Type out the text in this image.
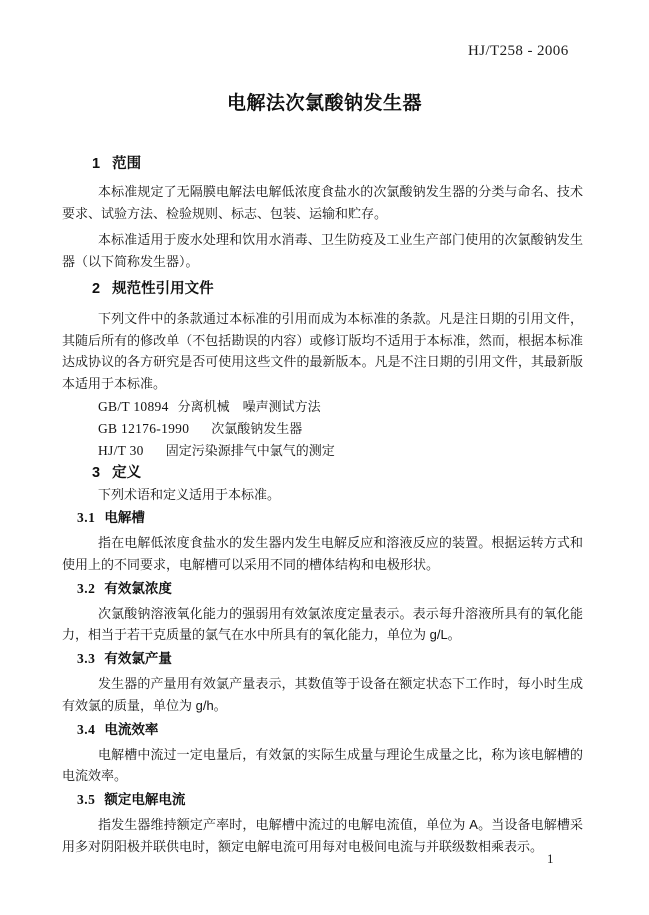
HJ/T258 - 2006
电解法次氯酸钠发生器
1 范围

本标准规定了无隔膜电解法电解低浓度食盐水的次氯酸钠发生器的分类与命名、技术要求、试验方法、检验规则、标志、包装、运输和贮存。

本标准适用于废水处理和饮用水消毒、卫生防疫及工业生产部门使用的次氯酸钠发生器（以下简称发生器）。

2 规范性引用文件

下列文件中的条款通过本标准的引用而成为本标准的条款。凡是注日期的引用文件，其随后所有的修改单（不包括勘误的内容）或修订版均不适用于本标准，然而，根据本标准达成协议的各方研究是否可使用这些文件的最新版本。凡是不注日期的引用文件，其最新版本适用于本标准。

GB/T 10894 分离机械　噪声测试方法
GB 12176-1990　次氯酸钠发生器
HJ/T 30　固定污染源排气中氯气的测定
3 定义

下列术语和定义适用于本标准。

3.1 电解槽

指在电解低浓度食盐水的发生器内发生电解反应和溶液反应的装置。根据运转方式和使用上的不同要求，电解槽可以采用不同的槽体结构和电极形状。

3.2 有效氯浓度

次氯酸钠溶液氧化能力的强弱用有效氯浓度定量表示。表示每升溶液所具有的氧化能力，相当于若干克质量的氯气在水中所具有的氧化能力，单位为 g/L。

3.3 有效氯产量

发生器的产量用有效氯产量表示，其数值等于设备在额定状态下工作时，每小时生成有效氯的质量，单位为 g/h。

3.4 电流效率

电解槽中流过一定电量后，有效氯的实际生成量与理论生成量之比，称为该电解槽的电流效率。

3.5 额定电解电流

指发生器维持额定产率时，电解槽中流过的电解电流值，单位为 A。当设备电解槽采用多对阴阳极并联供电时，额定电解电流可用每对电极间电流与并联级数相乘表示。

1
